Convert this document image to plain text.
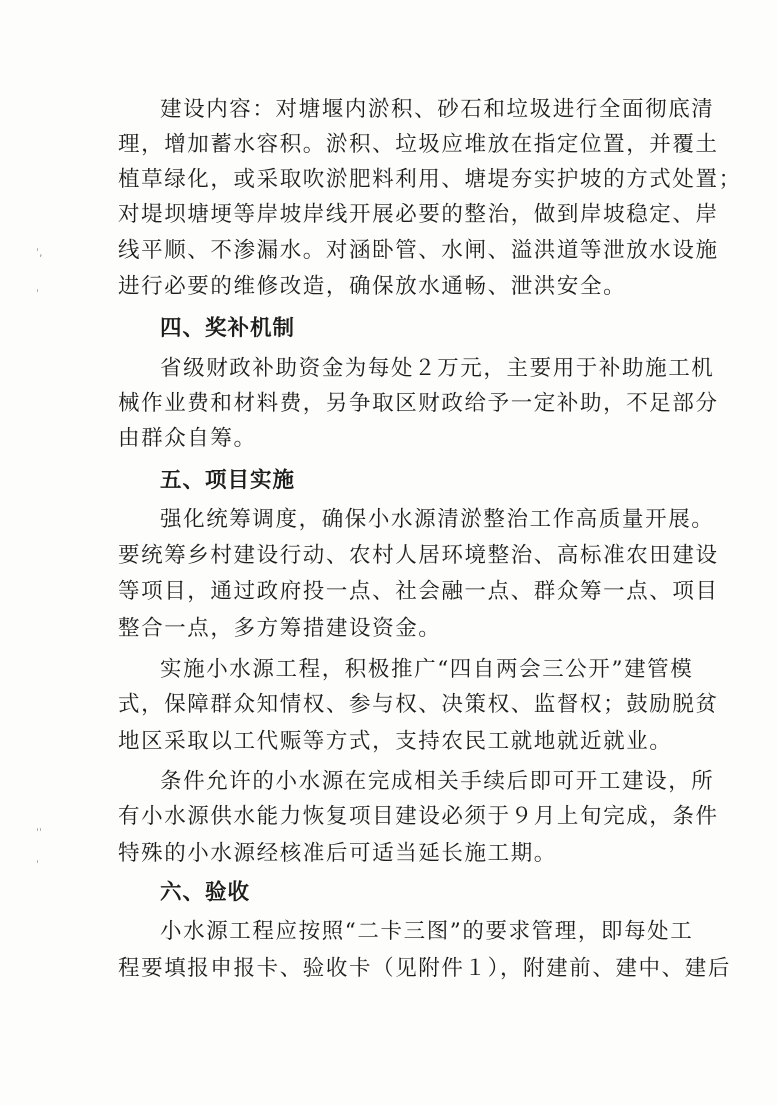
建设内容：对塘堰内淤积、砂石和垃圾进行全面彻底清
理，增加蓄水容积。淤积、垃圾应堆放在指定位置，并覆土
植草绿化，或采取吹淤肥料利用、塘堤夯实护坡的方式处置；
对堤坝塘埂等岸坡岸线开展必要的整治，做到岸坡稳定、岸
线平顺、不渗漏水。对涵卧管、水闸、溢洪道等泄放水设施
进行必要的维修改造，确保放水通畅、泄洪安全。
四、奖补机制
省级财政补助资金为每处２万元，主要用于补助施工机
械作业费和材料费，另争取区财政给予一定补助，不足部分
由群众自筹。
五、项目实施
强化统筹调度，确保小水源清淤整治工作高质量开展。
要统筹乡村建设行动、农村人居环境整治、高标准农田建设
等项目，通过政府投一点、社会融一点、群众筹一点、项目
整合一点，多方筹措建设资金。
实施小水源工程，积极推广“四自两会三公开”建管模
式，保障群众知情权、参与权、决策权、监督权；鼓励脱贫
地区采取以工代赈等方式，支持农民工就地就近就业。
条件允许的小水源在完成相关手续后即可开工建设，所
有小水源供水能力恢复项目建设必须于９月上旬完成，条件
特殊的小水源经核准后可适当延长施工期。
六、验收
小水源工程应按照“二卡三图”的要求管理，即每处工
程要填报申报卡、验收卡（见附件１），附建前、建中、建后
ˈ,
ˈ
ˈˈ
ˈ
